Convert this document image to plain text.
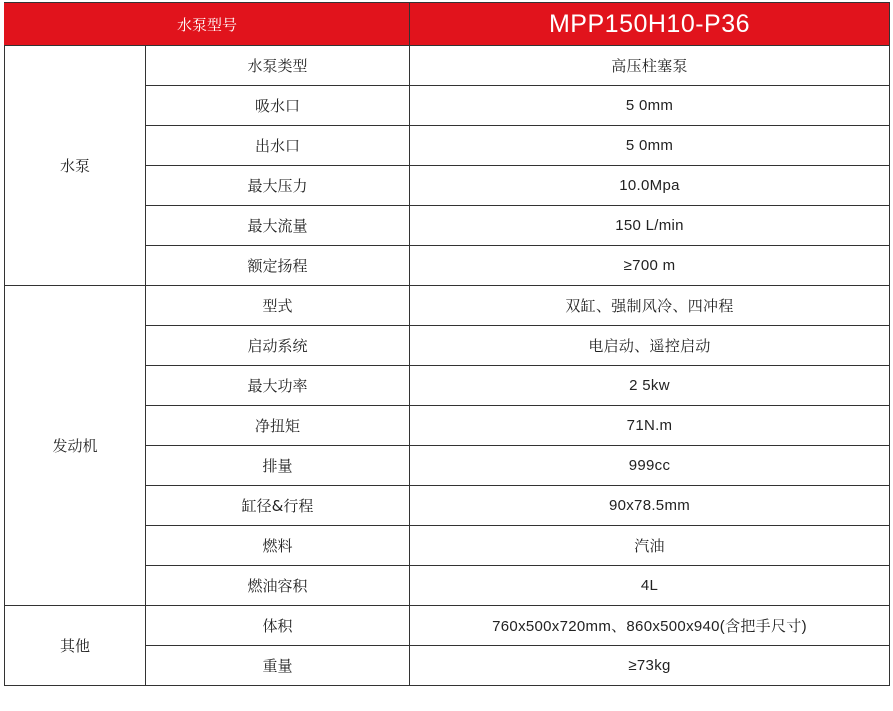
水泵型号		MPP150H10-P36
水泵	水泵类型	高压柱塞泵
	吸水口	5 0mm
	出水口	5 0mm
	最大压力	10.0Mpa
	最大流量	150 L/min
	额定扬程	≥700 m
发动机	型式	双缸、强制风冷、四冲程
	启动系统	电启动、遥控启动
	最大功率	2 5kw
	净扭矩	71N.m
	排量	999cc
	缸径&行程	90x78.5mm
	燃料	汽油
	燃油容积	4L
其他	体积	760x500x720mm、860x500x940(含把手尺寸)
	重量	≥73kg
